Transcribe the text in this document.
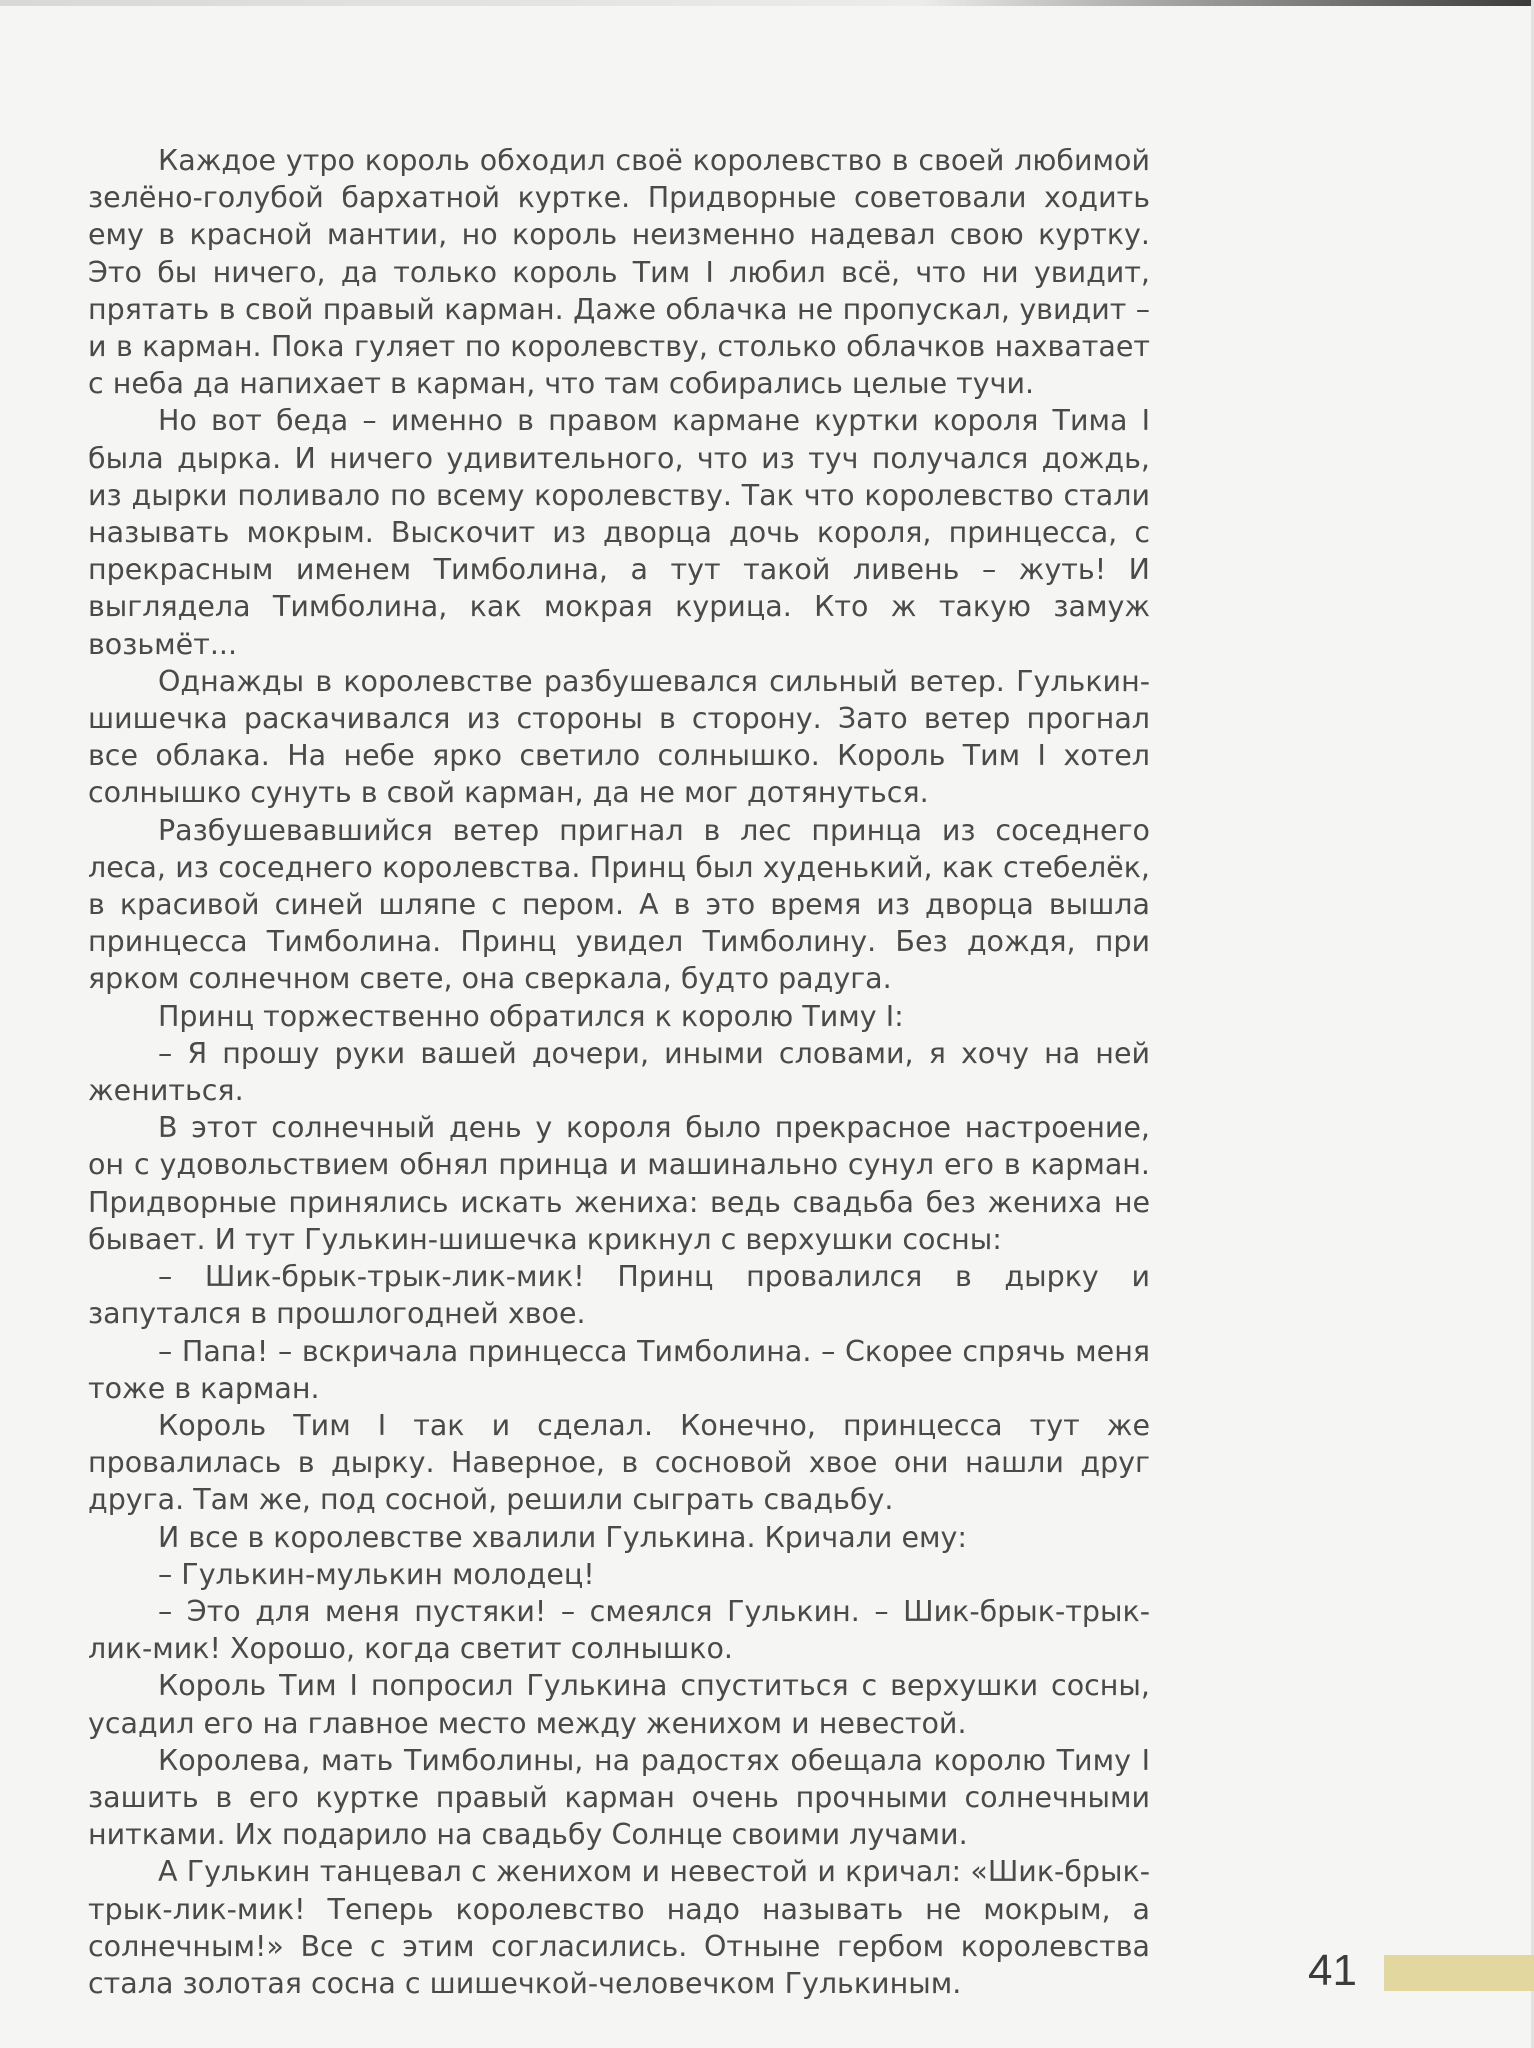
Каждое утро король обходил своё королевство в своей любимой зелёно-голубой бархатной куртке. Придворные советовали ходить ему в красной мантии, но король неизменно надевал свою куртку. Это бы ничего, да только король Тим I любил всё, что ни увидит, прятать в свой правый карман. Даже облачка не пропускал, увидит – и в карман. Пока гуляет по королевству, столько облачков нахватает с неба да напихает в карман, что там собирались целые тучи.

Но вот беда – именно в правом кармане куртки короля Тима I была дырка. И ничего удивительного, что из туч получался дождь, из дырки поливало по всему королевству. Так что королевство стали называть мокрым. Выскочит из дворца дочь короля, принцесса, с прекрасным именем Тимболина, а тут такой ливень – жуть! И выглядела Тимболина, как мокрая курица. Кто ж такую замуж возьмёт...

Однажды в королевстве разбушевался сильный ветер. Гулькин-шишечка раскачивался из стороны в сторону. Зато ветер прогнал все облака. На небе ярко светило солнышко. Король Тим I хотел солнышко сунуть в свой карман, да не мог дотянуться.

Разбушевавшийся ветер пригнал в лес принца из соседнего леса, из соседнего королевства. Принц был худенький, как стебелёк, в красивой синей шляпе с пером. А в это время из дворца вышла принцесса Тимболина. Принц увидел Тимболину. Без дождя, при ярком солнечном свете, она сверкала, будто радуга.

Принц торжественно обратился к королю Тиму I:

– Я прошу руки вашей дочери, иными словами, я хочу на ней жениться.

В этот солнечный день у короля было прекрасное настроение, он с удовольствием обнял принца и машинально сунул его в карман. Придворные принялись искать жениха: ведь свадьба без жениха не бывает. И тут Гулькин-шишечка крикнул с верхушки сосны:

– Шик-брык-трык-лик-мик! Принц провалился в дырку и запутался в прошлогодней хвое.

– Папа! – вскричала принцесса Тимболина. – Скорее спрячь меня тоже в карман.

Король Тим I так и сделал. Конечно, принцесса тут же провалилась в дырку. Наверное, в сосновой хвое они нашли друг друга. Там же, под сосной, решили сыграть свадьбу.

И все в королевстве хвалили Гулькина. Кричали ему:

– Гулькин-мулькин молодец!

– Это для меня пустяки! – смеялся Гулькин. – Шик-брык-трык-лик-мик! Хорошо, когда светит солнышко.

Король Тим I попросил Гулькина спуститься с верхушки сосны, усадил его на главное место между женихом и невестой.

Королева, мать Тимболины, на радостях обещала королю Тиму I зашить в его куртке правый карман очень прочными солнечными нитками. Их подарило на свадьбу Солнце своими лучами.

А Гулькин танцевал с женихом и невестой и кричал: «Шик-брык-трык-лик-мик! Теперь королевство надо называть не мокрым, а солнечным!» Все с этим согласились. Отныне гербом королевства стала золотая сосна с шишечкой-человечком Гулькиным.	41
